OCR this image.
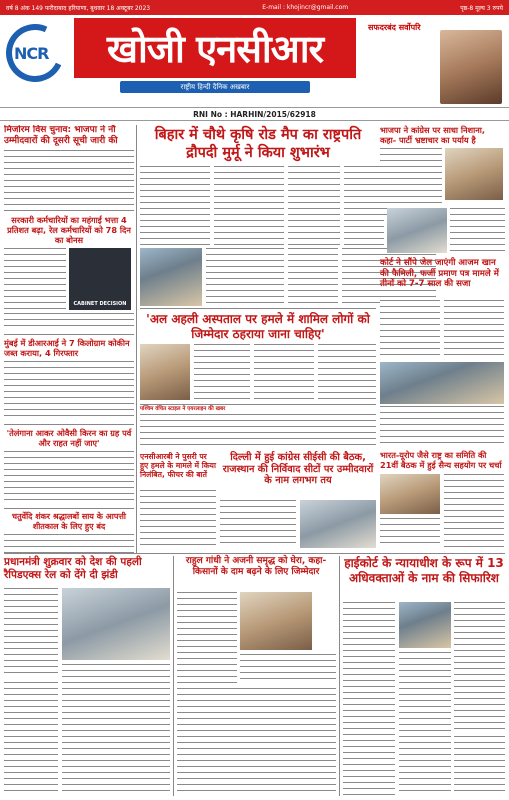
वर्ष 8 अंक 149 फरीदाबाद हरियाणा, बुधवार 18 अक्टूबर 2023	E-mail : khojincr@gmail.com	पृष्ठ-8 मूल्य 3 रुपये
NCR	खोजी एनसीआर
राष्ट्रीय हिन्दी दैनिक अखबार
सफदरबंद सर्वोपरि
RNI No : HARHIN/2015/62918
मिजोरम विस चुनाव: भाजपा ने नौ उम्मीदवारों की दूसरी सूची जारी की
सरकारी कर्मचारियों का महंगाई भत्ता 4 प्रतिशत बढ़ा, रेल कर्मचारियों को 78 दिन का बोनस
CABINET DECISION
मुंबई में डीआरआई ने 7 किलोग्राम कोकीन जब्त कराया, 4 गिरफ्तार
'तेलंगाना आकर ओवैसी किरन का ग्रह पर्व और राहत नहीं जाए'
चतुर्वेदि शंकर श्रद्धालबों साय के आपत्ती शीतकाल के लिए हुए बंद
बिहार में चौथे कृषि रोड मैप का राष्ट्रपति द्रौपदी मुर्मू ने किया शुभारंभ
भाजपा ने कांग्रेस पर साधा निशाना, कहा- पार्टी भ्रष्टाचार का पर्याय है
'अल अहली अस्पताल पर हमले में शामिल लोगों को जिम्मेदार ठहराया जाना चाहिए'
कोर्ट ने सौंपे जेल जाएंगी आजम खान की फैमिली, फर्जी प्रमाण पत्र मामले में तीनों को 7-7 साल की सजा
पश्चिम वंचित स्टाइल ने एयरलाइन की खबर
एनसीआरबी ने पुसरी पर हुए हमले के मामले में किया निलंबित, फीचर की बातें
दिल्ली में हुई कांग्रेस सीईसी की बैठक, राजस्थान की निर्विवाद सीटों पर उम्मीदवारों के नाम लगभग तय
भारत-यूरोप जैसे राष्ट्र का समिति की 21वीं बैठक में हुई सैन्य सहयोग पर चर्चा
प्रधानमंत्री शुक्रवार को देश की पहली रैपिडएक्स रेल को देंगे दी झंडी
राहुल गांधी ने अजनी समृद्ध को घेरा, कहा-किसानों के दाम बढ़ने के लिए जिम्मेदार
हाईकोर्ट के न्यायाधीश के रूप में 13 अधिवक्ताओं के नाम की सिफारिश
